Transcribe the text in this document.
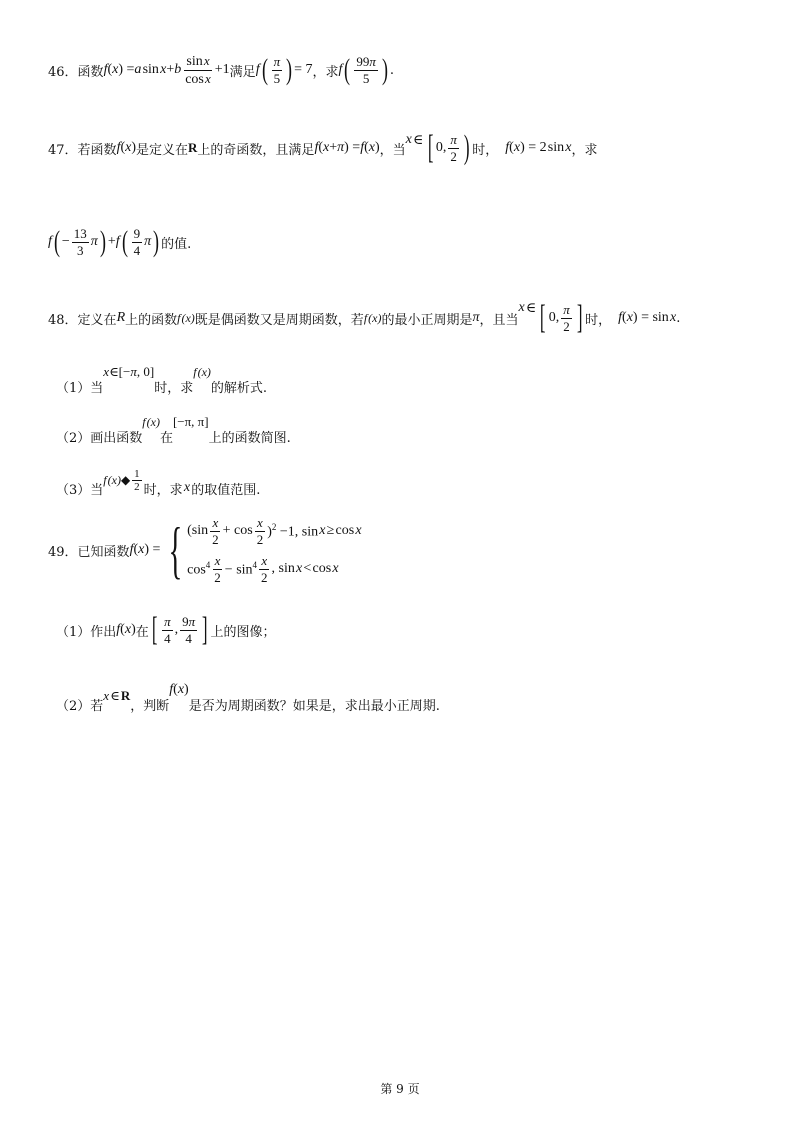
46． 函数 f ( x ) = a  sin  x + b $\frac{\text{sin x}}{\text{cos x}} +1$ 满足 f ( $\frac{\pi}{5}$ ) = 7 ，求 f ( $\frac{99\pi}{5}$ ) .
47． 若函数 f ( x ) 是定义在 R 上的奇函数，且满足 f ( x + π ) = f ( x ) ，当
x  ∈  [ 0, $\frac{\pi}{2}$ ) 时，  f ( x ) = 2 sin  x ，求
f ( − $\frac{13}{3}$ π ) + f ( $\frac{9}{4}$ π ) 的值.
48． 定义在 R 上的函数 f (x) 既是偶函数又是周期函数，若 f (x) 的最小正周期是 π ，且当
x  ∈  [ 0, $\frac{\pi}{2}$ ] 时，  f ( x ) = sin  x .
（1）当
x ∈[− π , 0]
时，求
f (x)
的解析式.
（2）画出函数
f (x)
在
[−π, π]
上的函数简图.
（3）当
f (x) ◆ $\frac{1}{2}$ 时，求  x  的取值范围.
49． 已知函数 f ( x ) = { $(\sin \frac{x}{2} + \cos \frac{x}{2} )^2 -1$, sin  x  ≥ cos  x
$\cos^4 \frac{x}{2} - \sin^4 \frac{x}{2}$ , sin  x  < cos  x
（1）作出 f ( x ) 在 [ $\frac{\pi}{4}$ , $\frac{9\pi}{4}$ ] 上的图像；
（2）若
x  ∈  R
，判断
f ( x )
是否为周期函数？如果是，求出最小正周期.
第 9 页
